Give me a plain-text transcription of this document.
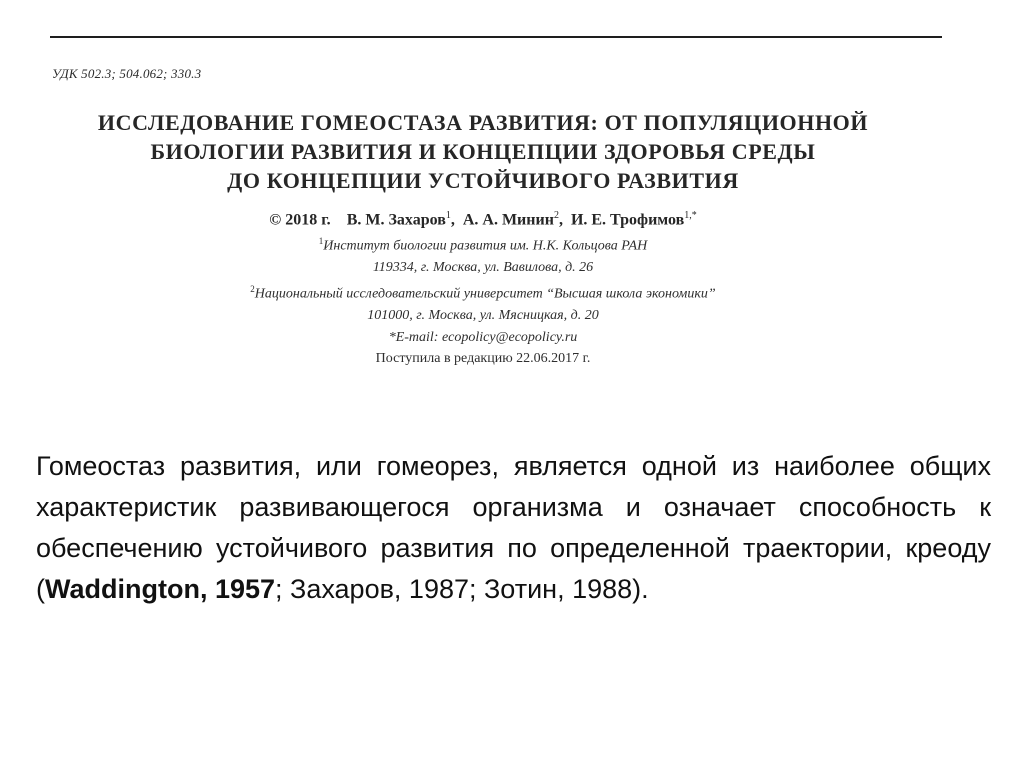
УДК 502.3; 504.062; 330.3
ИССЛЕДОВАНИЕ ГОМЕОСТАЗА РАЗВИТИЯ: ОТ ПОПУЛЯЦИОННОЙ
БИОЛОГИИ РАЗВИТИЯ И КОНЦЕПЦИИ ЗДОРОВЬЯ СРЕДЫ
ДО КОНЦЕПЦИИ УСТОЙЧИВОГО РАЗВИТИЯ
© 2018 г. В. М. Захаров$^1$,  А. А. Минин$^2$,  И. Е. Трофимов$^{1,*}$
$^1$Институт биологии развития им. Н.К. Кольцова РАН
119334, г. Москва, ул. Вавилова, д. 26
$^2$Национальный исследовательский университет “Высшая школа экономики”
101000, г. Москва, ул. Мясницкая, д. 20
*E-mail: ecopolicy@ecopolicy.ru
Поступила в редакцию 22.06.2017 г.
Гомеостаз развития, или гомеорез, является одной из наиболее общих характеристик развивающегося организма и означает способность к обеспечению устойчивого развития по определенной траектории, креоду (Waddington, 1957; Захаров, 1987; Зотин, 1988).
